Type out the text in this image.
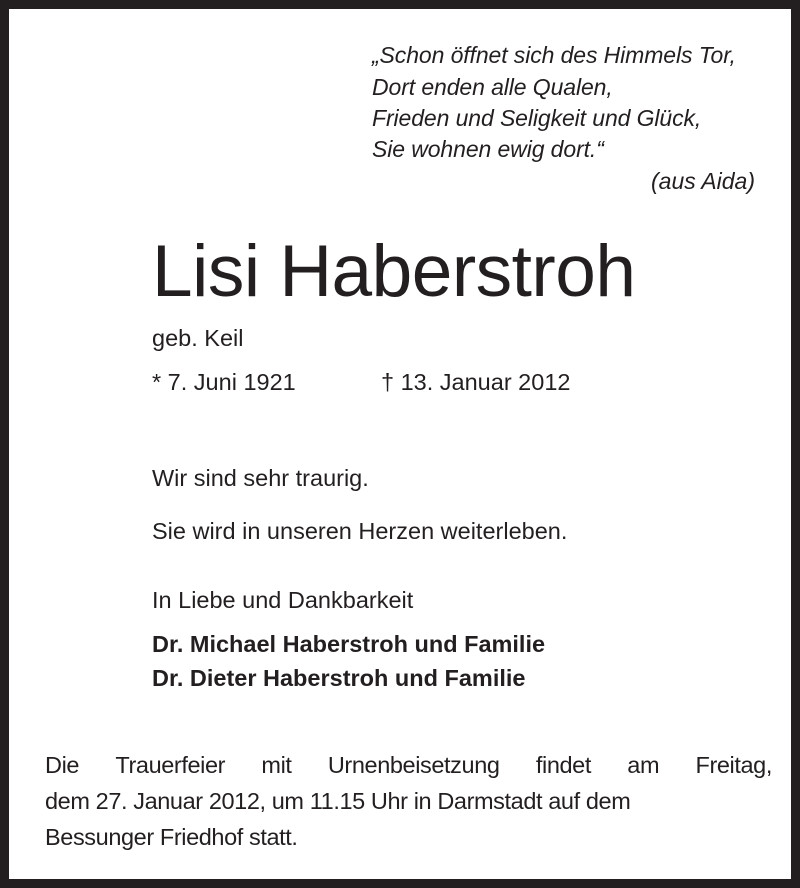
„Schon öffnet sich des Himmels Tor,
Dort enden alle Qualen,
Frieden und Seligkeit und Glück,
Sie wohnen ewig dort.“
(aus Aida)
Lisi Haberstroh
geb. Keil
* 7. Juni 1921	† 13. Januar 2012
Wir sind sehr traurig.
Sie wird in unseren Herzen weiterleben.
In Liebe und Dankbarkeit
Dr. Michael Haberstroh und Familie
Dr. Dieter Haberstroh und Familie
Die Trauerfeier mit Urnenbeisetzung findet am Freitag,
dem 27. Januar 2012, um 11.15 Uhr in Darmstadt auf dem
Bessunger Friedhof statt.
